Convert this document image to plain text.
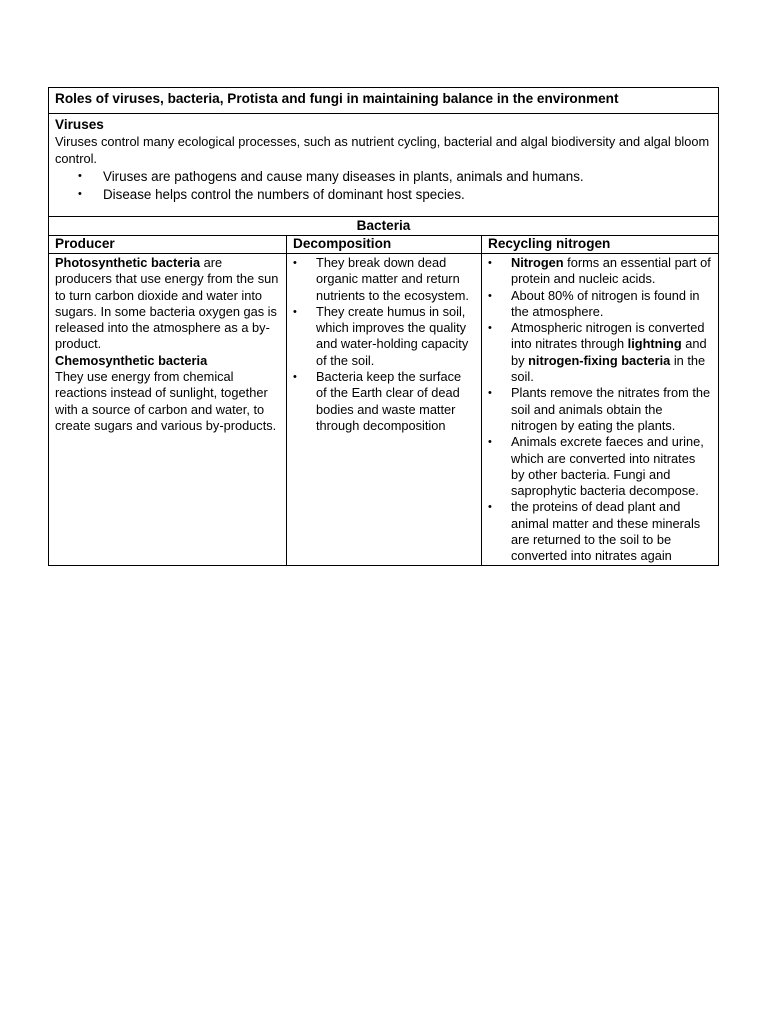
Roles of viruses, bacteria, Protista and fungi in maintaining balance in the environment
Viruses
Viruses control many ecological processes, such as nutrient cycling, bacterial and algal biodiversity and algal bloom control.
• Viruses are pathogens and cause many diseases in plants, animals and humans.
• Disease helps control the numbers of dominant host species.
Bacteria
Producer	Decomposition	Recycling nitrogen

Photosynthetic bacteria are producers that use energy from the sun to turn carbon dioxide and water into sugars. In some bacteria oxygen gas is released into the atmosphere as a by-product.

Chemosynthetic bacteria

They use energy from chemical reactions instead of sunlight, together with a source of carbon and water, to create sugars and various by-products.

• They break down dead organic matter and return nutrients to the ecosystem.
• They create humus in soil, which improves the quality and water-holding capacity of the soil.
• Bacteria keep the surface of the Earth clear of dead bodies and waste matter through decomposition
• Nitrogen forms an essential part of protein and nucleic acids.
• About 80% of nitrogen is found in the atmosphere.
• Atmospheric nitrogen is converted into nitrates through lightning and by nitrogen-fixing bacteria in the soil.
• Plants remove the nitrates from the soil and animals obtain the nitrogen by eating the plants.
• Animals excrete faeces and urine, which are converted into nitrates by other bacteria. Fungi and saprophytic bacteria decompose.
• the proteins of dead plant and animal matter and these minerals are returned to the soil to be converted into nitrates again
